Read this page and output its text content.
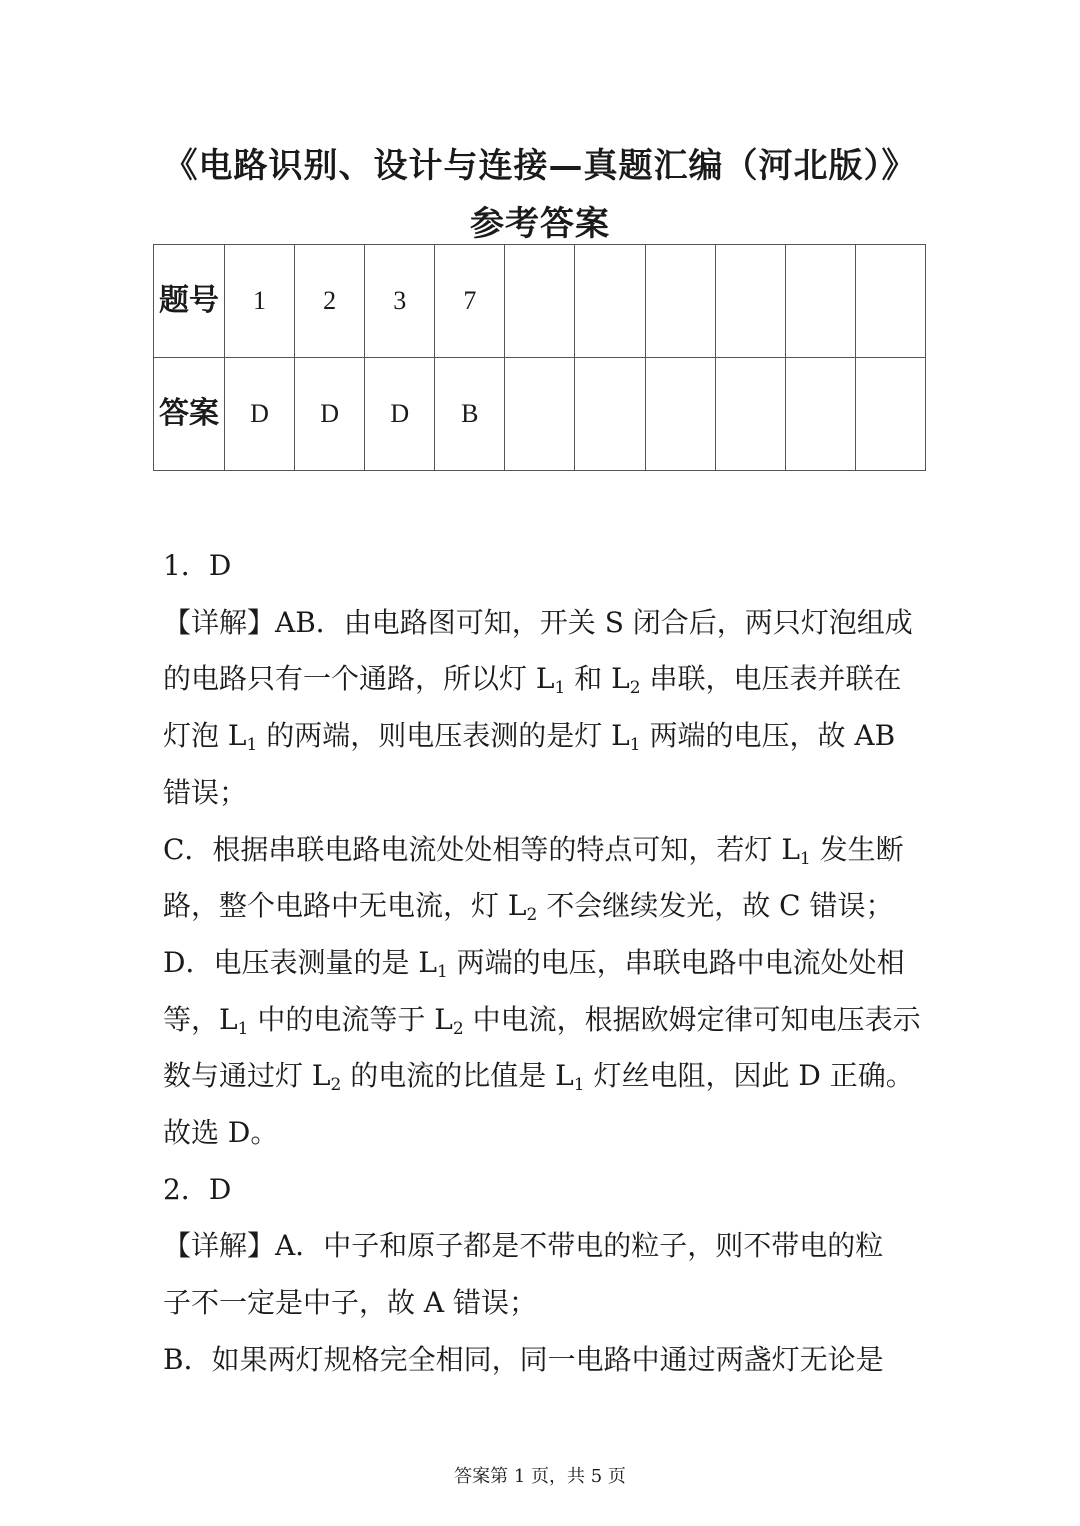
《电路识别、设计与连接—真题汇编（河北版）》
参考答案
题号	1	2	3	7						
答案	D	D	D	B						

1．D

【详解】AB．由电路图可知，开关 S 闭合后，两只灯泡组成

的电路只有一个通路，所以灯 $L_1$ 和 $L_2$ 串联，电压表并联在

灯泡 $L_1$ 的两端，则电压表测的是灯 $L_1$ 两端的电压，故 AB

错误；

C．根据串联电路电流处处相等的特点可知，若灯 $L_1$ 发生断

路，整个电路中无电流，灯 $L_2$ 不会继续发光，故 C 错误；

D．电压表测量的是 $L_1$ 两端的电压，串联电路中电流处处相

等，$L_1$ 中的电流等于 $L_2$ 中电流，根据欧姆定律可知电压表示

数与通过灯 $L_2$ 的电流的比值是 $L_1$ 灯丝电阻，因此 D 正确。

故选 D。

2．D

【详解】A．中子和原子都是不带电的粒子，则不带电的粒

子不一定是中子，故 A 错误；

B．如果两灯规格完全相同，同一电路中通过两盏灯无论是

答案第 1 页，共 5 页
